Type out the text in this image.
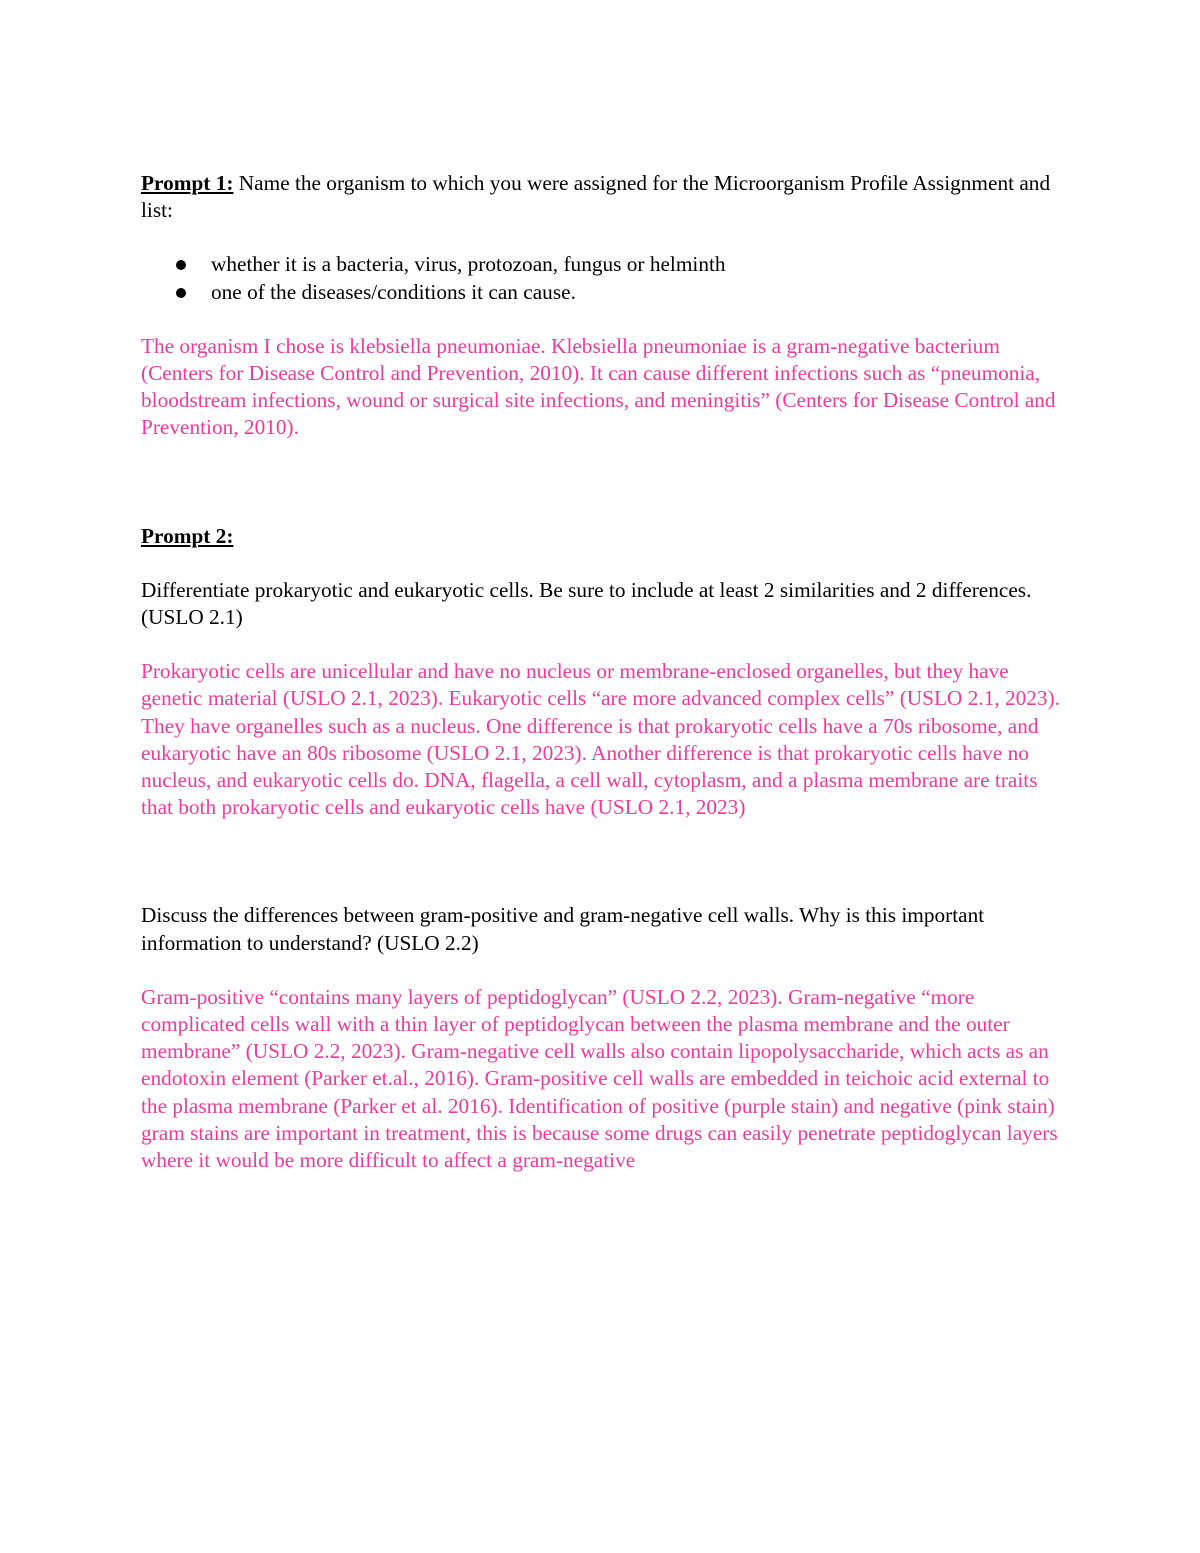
Prompt 1: Name the organism to which you were assigned for the Microorganism Profile Assignment and list:

whether it is a bacteria, virus, protozoan, fungus or helminth
one of the diseases/conditions it can cause.

The organism I chose is klebsiella pneumoniae. Klebsiella pneumoniae is a gram-negative bacterium (Centers for Disease Control and Prevention, 2010). It can cause different infections such as “pneumonia, bloodstream infections, wound or surgical site infections, and meningitis” (Centers for Disease Control and Prevention, 2010).

Prompt 2:

Differentiate prokaryotic and eukaryotic cells. Be sure to include at least 2 similarities and 2 differences. (USLO 2.1)

Prokaryotic cells are unicellular and have no nucleus or membrane-enclosed organelles, but they have genetic material (USLO 2.1, 2023). Eukaryotic cells “are more advanced complex cells” (USLO 2.1, 2023). They have organelles such as a nucleus. One difference is that prokaryotic cells have a 70s ribosome, and eukaryotic have an 80s ribosome (USLO 2.1, 2023). Another difference is that prokaryotic cells have no nucleus, and eukaryotic cells do. DNA, flagella, a cell wall, cytoplasm, and a plasma membrane are traits that both prokaryotic cells and eukaryotic cells have (USLO 2.1, 2023)

Discuss the differences between gram-positive and gram-negative cell walls. Why is this important information to understand? (USLO 2.2)

Gram-positive “contains many layers of peptidoglycan” (USLO 2.2, 2023). Gram-negative “more complicated cells wall with a thin layer of peptidoglycan between the plasma membrane and the outer membrane” (USLO 2.2, 2023). Gram-negative cell walls also contain lipopolysaccharide, which acts as an endotoxin element (Parker et.al., 2016). Gram-positive cell walls are embedded in teichoic acid external to the plasma membrane (Parker et al. 2016). Identification of positive (purple stain) and negative (pink stain) gram stains are important in treatment, this is because some drugs can easily penetrate peptidoglycan layers where it would be more difficult to affect a gram-negative
